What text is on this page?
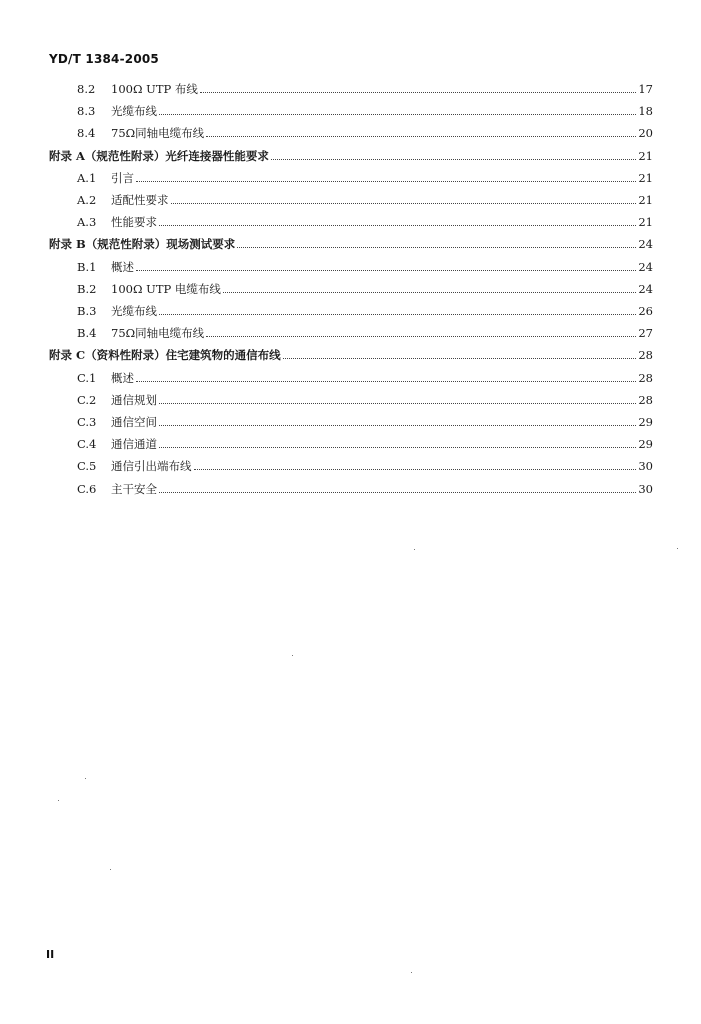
YD/T 1384-2005
8.2	100Ω UTP 布线	17
8.3	光缆布线	18
8.4	75Ω同轴电缆布线	20
附录 A（规范性附录）光纤连接器性能要求	21
A.1	引言	21
A.2	适配性要求	21
A.3	性能要求	21
附录 B（规范性附录）现场测试要求	24
B.1	概述	24
B.2	100Ω UTP 电缆布线	24
B.3	光缆布线	26
B.4	75Ω同轴电缆布线	27
附录 C（资料性附录）住宅建筑物的通信布线	28
C.1	概述	28
C.2	通信规划	28
C.3	通信空间	29
C.4	通信通道	29
C.5	通信引出端布线	30
C.6	主干安全	30
II
